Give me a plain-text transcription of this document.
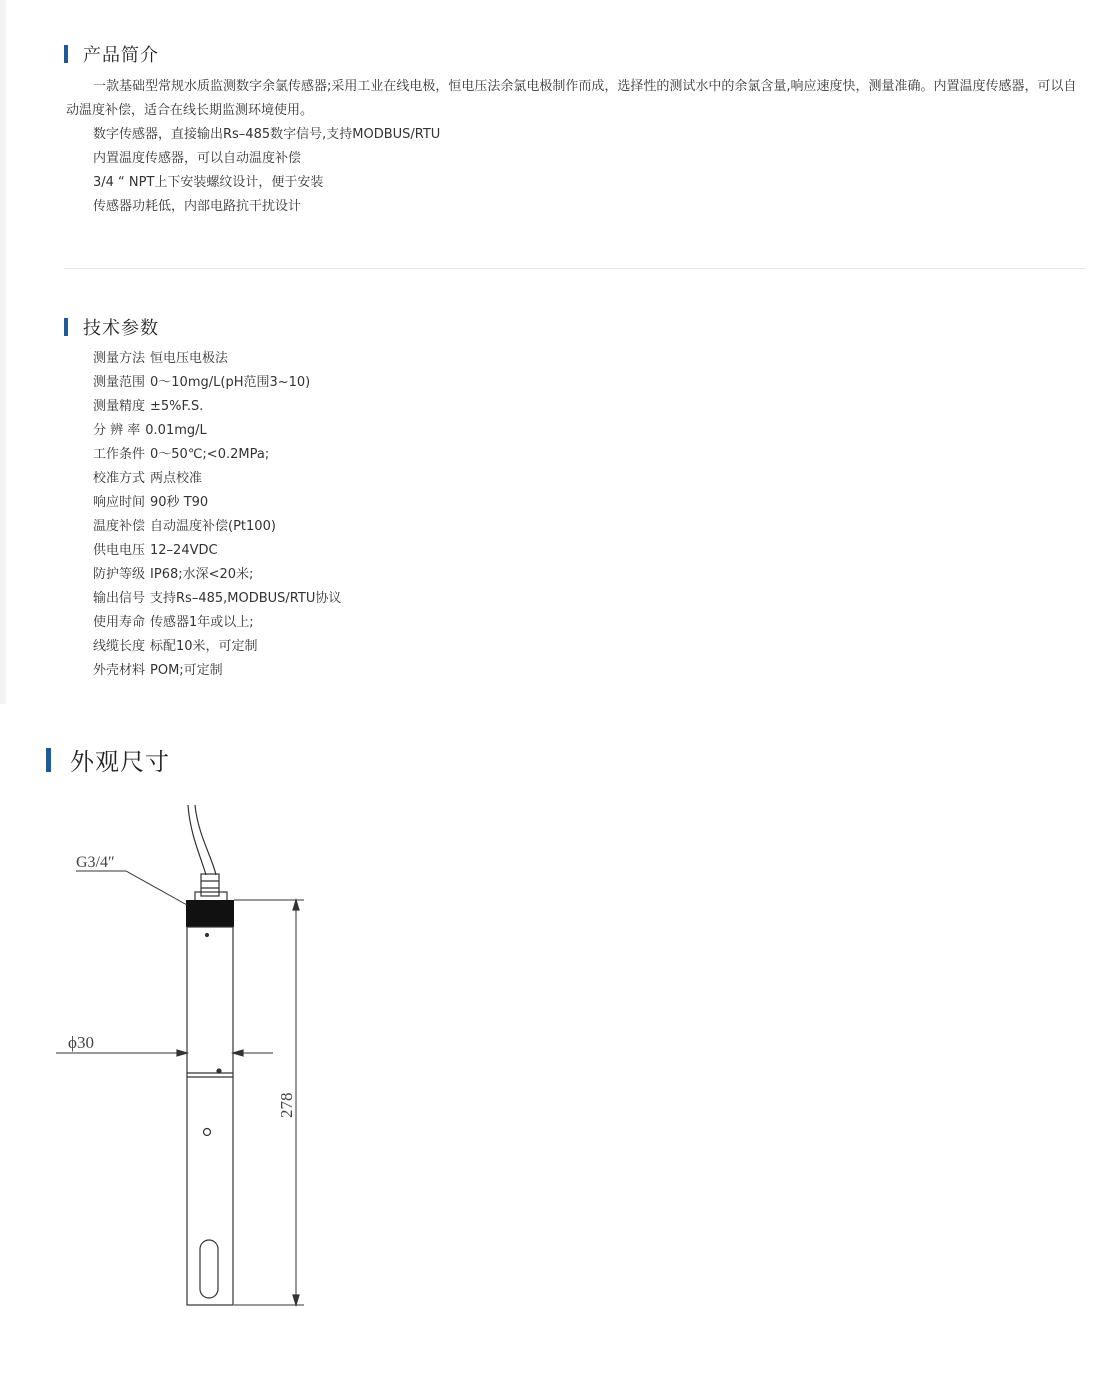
产品简介

一款基础型常规水质监测数字余氯传感器;采用工业在线电极，恒电压法余氯电极制作而成，选择性的测试水中的余氯含量,响应速度快，测量准确。内置温度传感器，可以自动温度补偿，适合在线长期监测环境使用。

数字传感器，直接输出Rs–485数字信号,支持MODBUS/RTU
内置温度传感器，可以自动温度补偿
3/4 “ NPT上下安装螺纹设计，便于安装
传感器功耗低，内部电路抗干扰设计
技术参数
测量方法 恒电压电极法
测量范围 0～10mg/L(pH范围3~10)
测量精度 ±5%F.S.
分 辨 率 0.01mg/L
工作条件 0～50℃;<0.2MPa;
校准方式 两点校准
响应时间 90秒 T90
温度补偿 自动温度补偿(Pt100)
供电电压 12–24VDC
防护等级 IP68;水深<20米;
输出信号 支持Rs–485,MODBUS/RTU协议
使用寿命 传感器1年或以上;
线缆长度 标配10米，可定制
外壳材料 POM;可定制
外观尺寸
G3/4″
ϕ30
278
